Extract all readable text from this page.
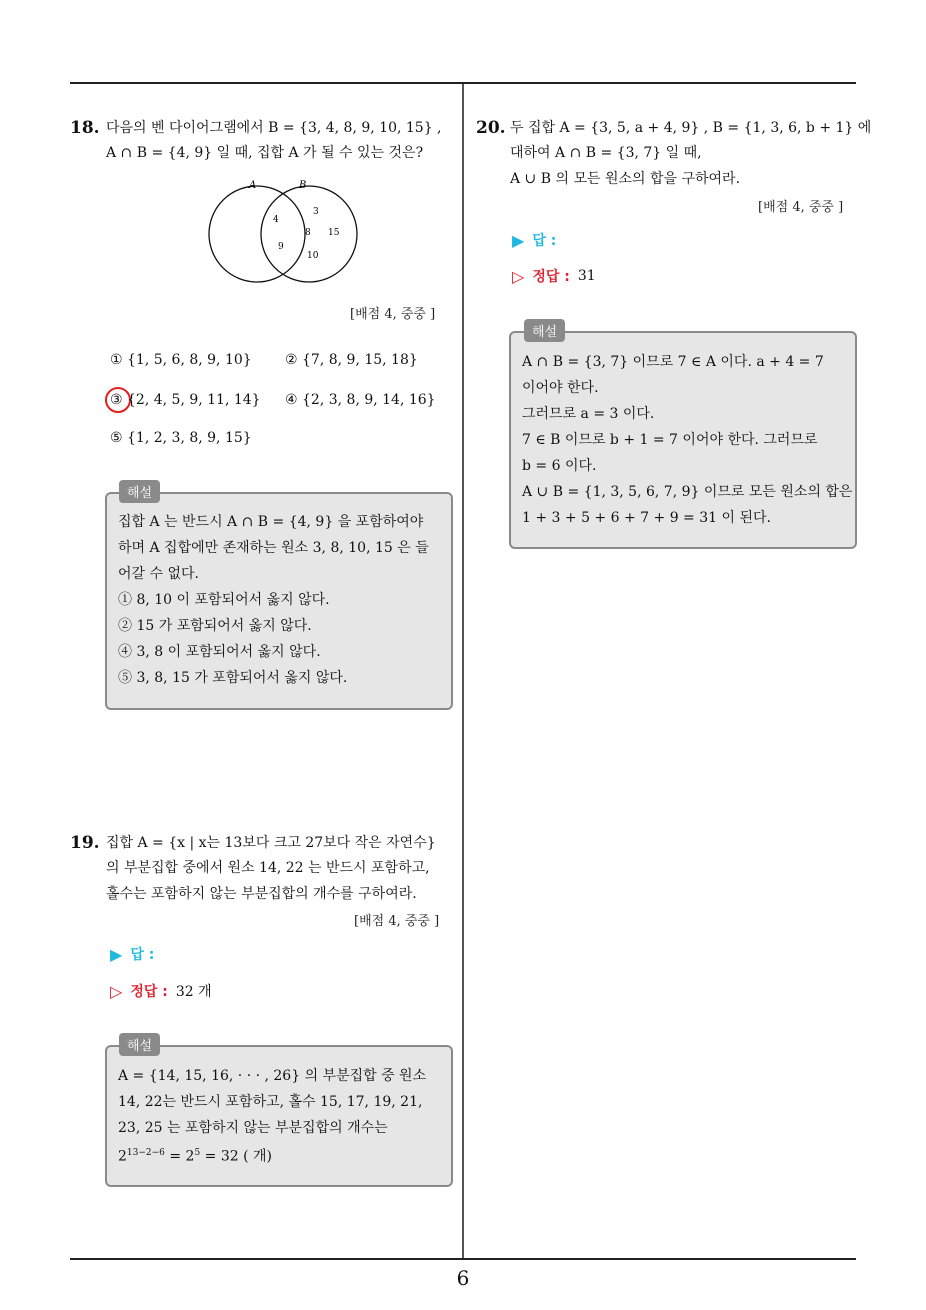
6
18. 다음의 벤 다이어그램에서 B = {3, 4, 8, 9, 10, 15} ,
A ∩ B = {4, 9} 일 때, 집합 A 가 될 수 있는 것은?
A	B
4
3
8 15
9
10
[배점 4, 중중 ]
① {1, 5, 6, 8, 9, 10} ② {7, 8, 9, 15, 18}
③ {2, 4, 5, 9, 11, 14} ④ {2, 3, 8, 9, 14, 16}
⑤ {1, 2, 3, 8, 9, 15}
해설
집합 A 는 반드시 A ∩ B = {4, 9} 을 포함하여야
하며 A 집합에만 존재하는 원소 3, 8, 10, 15 은 들
어갈 수 없다.
① 8, 10 이 포함되어서 옳지 않다.
② 15 가 포함되어서 옳지 않다.
④ 3, 8 이 포함되어서 옳지 않다.
⑤ 3, 8, 15 가 포함되어서 옳지 않다.
19. 집합 A = {x | x는 13보다 크고 27보다 작은 자연수}
의 부분집합 중에서 원소 14, 22 는 반드시 포함하고,
홀수는 포함하지 않는 부분집합의 개수를 구하여라.
[배점 4, 중중 ]
▶ 답 :
▷ 정답 : 32 개
해설
A = {14, 15, 16, · · · , 26} 의 부분집합 중 원소
14, 22는 반드시 포함하고, 홀수 15, 17, 19, 21,
23, 25 는 포함하지 않는 부분집합의 개수는
$2^{13-2-6} = 2^5 = 32$ ( 개)
20. 두 집합 A = {3, 5, a + 4, 9} , B = {1, 3, 6, b + 1} 에
대하여 A ∩ B = {3, 7} 일 때,
A ∪ B 의 모든 원소의 합을 구하여라.
[배점 4, 중중 ]
▶ 답 :
▷ 정답 : 31
해설
A ∩ B = {3, 7} 이므로 7 ∈ A 이다. a + 4 = 7
이어야 한다.
그러므로 a = 3 이다.
7 ∈ B 이므로 b + 1 = 7 이어야 한다. 그러므로
b = 6 이다.
A ∪ B = {1, 3, 5, 6, 7, 9} 이므로 모든 원소의 합은
1 + 3 + 5 + 6 + 7 + 9 = 31 이 된다.
